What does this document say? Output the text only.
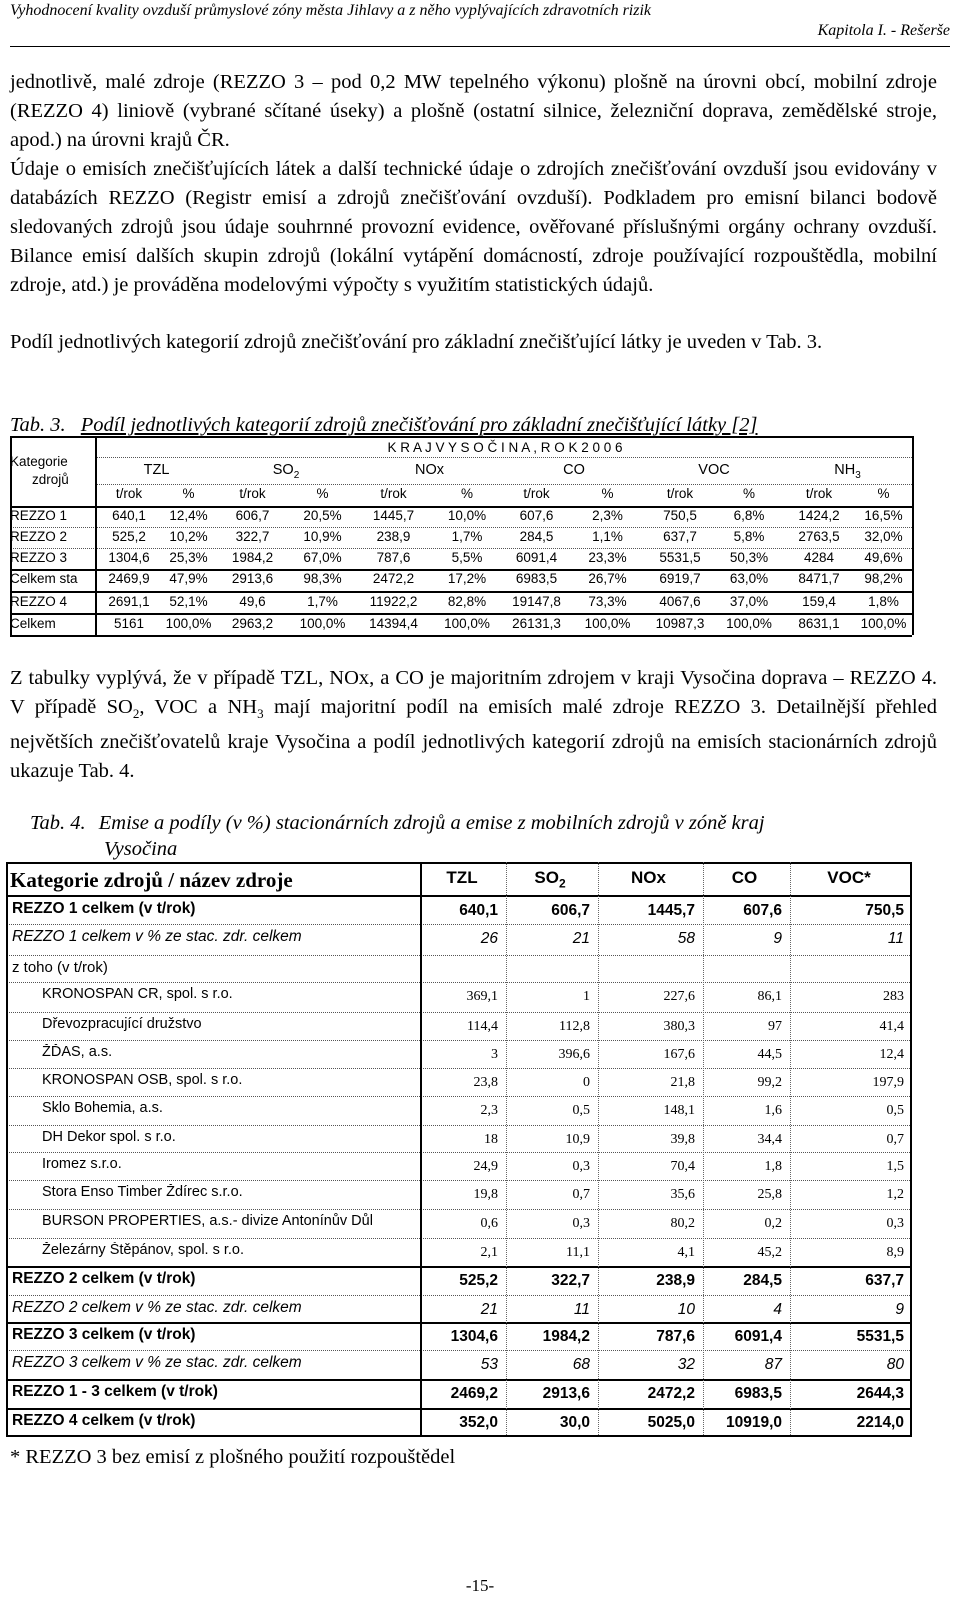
Vyhodnocení kvality ovzduší průmyslové zóny města Jihlavy a z něho vyplývajících zdravotních rizik
Kapitola I. - Rešerše

jednotlivě, malé zdroje (REZZO 3 – pod 0,2 MW tepelného výkonu) plošně na úrovni obcí, mobilní zdroje (REZZO 4) liniově (vybrané sčítané úseky) a plošně (ostatní silnice, železniční doprava, zemědělské stroje, apod.) na úrovni krajů ČR.

Údaje o emisích znečišťujících látek a další technické údaje o zdrojích znečišťování ovzduší jsou evidovány v databázích REZZO (Registr emisí a zdrojů znečišťování ovzduší). Podkladem pro emisní bilanci bodově sledovaných zdrojů jsou údaje souhrnné provozní evidence, ověřované příslušnými orgány ochrany ovzduší. Bilance emisí dalších skupin zdrojů (lokální vytápění domácností, zdroje používající rozpouštědla, mobilní zdroje, atd.) je prováděna modelovými výpočty s využitím statistických údajů.

Podíl jednotlivých kategorií zdrojů znečišťování pro základní znečišťující látky je uveden v Tab. 3.

Tab. 3. Podíl jednotlivých kategorií zdrojů znečišťování pro základní znečišťující látky [2]
K R A J V Y S O Č I N A , R O K 2 0 0 6
Kategorie
zdrojů
TZL	$SO_2$	NOx	CO	VOC	$NH_3$
t/rok	%	t/rok	%	t/rok	%	t/rok	%	t/rok	%	t/rok	%
REZZO 1	640,1	12,4%	606,7	20,5%	1445,7	10,0%	607,6	2,3%	750,5	6,8%	1424,2	16,5%
REZZO 2	525,2	10,2%	322,7	10,9%	238,9	1,7%	284,5	1,1%	637,7	5,8%	2763,5	32,0%
REZZO 3	1304,6	25,3%	1984,2	67,0%	787,6	5,5%	6091,4	23,3%	5531,5	50,3%	4284	49,6%
Celkem sta	2469,9	47,9%	2913,6	98,3%	2472,2	17,2%	6983,5	26,7%	6919,7	63,0%	8471,7	98,2%
REZZO 4	2691,1	52,1%	49,6	1,7%	11922,2	82,8%	19147,8	73,3%	4067,6	37,0%	159,4	1,8%
Celkem	5161	100,0%	2963,2	100,0%	14394,4	100,0%	26131,3	100,0%	10987,3	100,0%	8631,1	100,0%

Z tabulky vyplývá, že v případě TZL, NOx, a CO je majoritním zdrojem v kraji Vysočina doprava – REZZO 4. V případě $SO_2$, VOC a $NH_3$ mají majoritní podíl na emisích malé zdroje REZZO 3. Detailnější přehled největších znečišťovatelů kraje Vysočina a podíl jednotlivých kategorií zdrojů na emisích stacionárních zdrojů ukazuje Tab. 4.

Tab. 4. Emise a podíly (v %) stacionárních zdrojů a emise z mobilních zdrojů v zóně kraj
Vysočina
Kategorie zdrojů / název zdroje	TZL	$SO_2$	NOx	CO	VOC*
REZZO 1 celkem (v t/rok)	640,1	606,7	1445,7	607,6	750,5
REZZO 1 celkem v % ze stac. zdr. celkem	26	21	58	9	11
z toho (v t/rok)
KRONOSPAN CR, spol. s r.o.	369,1	1	227,6	86,1	283
Dřevozpracující družstvo	114,4	112,8	380,3	97	41,4
ŽĎAS, a.s.	3	396,6	167,6	44,5	12,4
KRONOSPAN OSB, spol. s r.o.	23,8	0	21,8	99,2	197,9
Sklo Bohemia, a.s.	2,3	0,5	148,1	1,6	0,5
DH Dekor spol. s r.o.	18	10,9	39,8	34,4	0,7
Iromez s.r.o.	24,9	0,3	70,4	1,8	1,5
Stora Enso Timber Ždírec s.r.o.	19,8	0,7	35,6	25,8	1,2
BURSON PROPERTIES, a.s.- divize Antonínův Důl	0,6	0,3	80,2	0,2	0,3
Železárny Štěpánov, spol. s r.o.	2,1	11,1	4,1	45,2	8,9
REZZO 2 celkem (v t/rok)	525,2	322,7	238,9	284,5	637,7
REZZO 2 celkem v % ze stac. zdr. celkem	21	11	10	4	9
REZZO 3 celkem (v t/rok)	1304,6	1984,2	787,6	6091,4	5531,5
REZZO 3 celkem v % ze stac. zdr. celkem	53	68	32	87	80
REZZO 1 - 3 celkem (v t/rok)	2469,2	2913,6	2472,2	6983,5	2644,3
REZZO 4 celkem (v t/rok)	352,0	30,0	5025,0	10919,0	2214,0
* REZZO 3 bez emisí z plošného použití rozpouštědel
-15-
